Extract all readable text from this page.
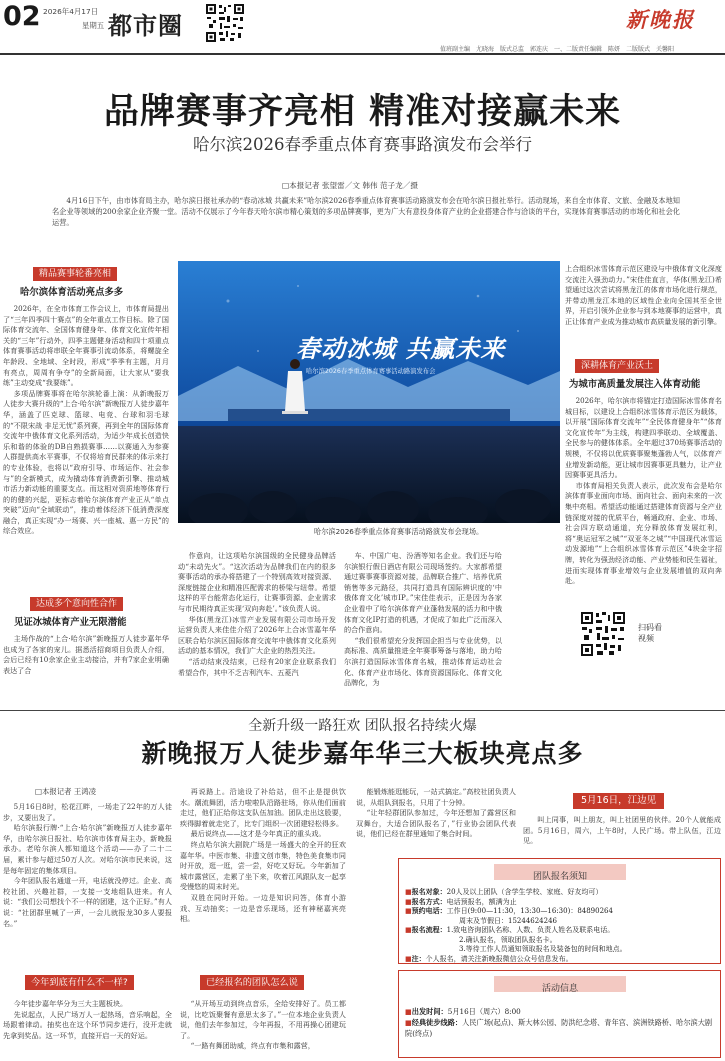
02 2026年4月17日
星期五 都市圈	新晚报
值班副主编　尤晓海　版式总监　郭连庆　一、二版责任编辑　陈妍　二版版式　关馨阳
品牌赛事齐亮相 精准对接赢未来
哈尔滨2026春季重点体育赛事路演发布会举行
□本报记者 张望雷／文 韩伟 范子龙／摄
4月16日下午，由市体育局主办，哈尔滨日报社承办的“春动冰城 共赢未来”哈尔滨2026春季重点体育赛事活动路演发布会在哈尔滨日报社举行。活动现场，来自全市体育、文旅、金融及本地知名企业等领域的200余家企业齐聚一堂。活动不仅展示了今年春天哈尔滨市精心策划的多项品牌赛事，更为广大有意投身体育产业的企业搭建合作与洽谈的平台，实现体育赛事活动的市场化和社会化运营。
精品赛事轮番亮相
哈尔滨体育活动亮点多多
2026年，在全市体育工作会议上，市体育局提出了“三年四季四十赛点”的全年重点工作目标。除了国际体育交流年、全国体育健身年、体育文化宣传年相关的“三年”行动外，四季主题健身活动和四十项重点体育赛事活动将串联全年赛事引流动体系，将螺旋全年龄段、全地域、全时段，形成“季季有主题，月月有亮点，周周有争夺”的全新局面，让大家从“要我练”主动变成“我要练”。
多项品牌赛事将在哈尔滨轮番上演：从新晚报万人徒步大赛升级的“上合·哈尔滨”新晚报万人徒步嘉年华，涵盖了匹克球、篮球、电竞、台球和羽毛球的“不限宋战 非足无忧”系列赛，再到全年的国际体育交流年中俄体育文化系列活动，为适少年成长创造快乐和谐的体验的DB自熟损赛事……以赛通入为参赛人群提供高水平赛事，不仅将培育民群来的体示来打的专业体验，也将以“政府引导、市场运作、社会参与”的全新模式，成为撬动体育消费新引擎、推动城市活力新动能的重要支点。而这相对资质地等体育行的的健的兴起，更标志着哈尔滨体育产业正从“单点突破”迈向“全域联动”，推动着体经济下低消费深度融合，真正实现“办一场赛、兴一座城、惠一方民”的综合效应。
达成多个意向性合作
见证冰城体育产业无限潜能
主场作战的“上合·哈尔滨”新晚报万人徒步嘉年华也成为了各家的宠儿。据悉活招商项目负责人介绍，会后已经有10余家企业主动接洽，并有7家企业明确表达了合
春动冰城 共赢未来
哈尔滨2026春季重点体育赛事活动路演发布会
哈尔滨2026春季重点体育赛事活动路演发布会现场。
作意向，让这项哈尔滨国级的全民健身品牌活动“未动先火”。“这次活动为品牌我们在内的很多赛事活动的承办将搭建了一个特别高效对接资源、深度链接企业和精准匹配需求的桥梁与纽带。希望这样的平台能常态化运行，让赛事资源、企业需求与市民期待真正实现‘双向奔赴’。”该负责人说。
华体(黑龙江)冰雪产业发展有限公司市场开发运营负责人来佳佳介绍了2026年上合冰雪嘉年华区联合哈尔滨区国际体育交流年中俄体育文化系列活动的基本情况，我们广大企业的热烈关注。
“活动结束没结束，已经有20家企业联系我们希望合作，其中不乏吉利汽车、五菱汽
车、中国广电、汾酒等知名企业。我们还与哈尔滨银行假日酒店有限公司现场签约。大家都希望通过赛事赛事资源对接，品牌联合推广、培养优质销售等多元路径，共同打造具有国际辨识度的‘中俄体育文化’城市IP。”宋佳佳表示，正是因为各家企业看中了哈尔滨体育产业蓬勃发展的活力和中俄体育文化IP打造的机遇，才促成了如此广泛而深入的合作意向。
“我们很希望充分发挥国企担当与专业优势，以高标准、高质量推进全年赛事筹备与落地，助力哈尔滨打造国际冰雪体育名城，推动体育运动社会化、体育产业市场化、体育资源国际化、体育文化品牌化，为
上合组织冰雪体育示范区建设与中俄体育文化深度交流注入强劲动力。”宋佳佳直言，华体(黑龙江)希望通过这次尝试将黑龙江的体育市场化进行规范，并带动黑龙江本地的区域性企业向全国其至全世界，开启引领外企业参与到本地赛事的运营中，真正让体育产业成为推动城市高质量发展的新引擎。
深耕体育产业沃土
为城市高质量发展注入体育动能
2026年，哈尔滨市将锚定打造国际冰雪体育名城目标，以建设上合组织冰雪体育示范区为载体，以开展“国际体育交流年”“全民体育健身年”“体育文化宣传年”为主线，构建四季联动、全域覆盖、全民参与的健体体系。全年超过370场赛事活动的规模，不仅将以优质赛事聚集蓬勃人气，以体育产业增发新动能，更让城市因赛事更具魅力，让产业因赛事更具活力。
市体育局相关负责人表示，此次发布会是哈尔滨体育事业面向市场、面向社会、面向未来的一次集中亮相。希望活动能通过搭建体育资源与全产业链深度对接的优质平台，畅通政府、企业、市场、社会四方联动通道，充分释放体育发展红利，将“奥运冠军之城”“双亚冬之城”“中国现代冰雪运动发源地”“上合组织冰雪体育示范区”4块金字招牌，转化为强劲经济动能、产业势能和民生福祉，进而实现体育事业增效与企业发展增值的双向奔赴。
扫码看视频
全新升级一路狂欢 团队报名持续火爆
新晚报万人徒步嘉年华三大板块亮点多
□本报记者 王鸿凌
5月16日8时，松花江畔，一场走了22年的万人徒步，又要出发了。
哈尔滨报行牌·“上合·哈尔滨”新晚报万人徒步嘉年华，由哈尔滨日报社、哈尔滨市体育局主办，新晚报承办。老哈尔滨人都知道这个活动——办了二十二届，累计参与超过50万人次。对哈尔滨市民来说，这是每年固定的集体项目。
今年团队报名通道一开，电话就没停过。企业、高校社团、兴趣社群，一支接一支地组队进来。有人说：“我们公司想找个不一样的团建，这个正好。”有人说：“社团群里喊了一声，一会儿就报龙30多人要报名。”
今年到底有什么不一样?
今年徒步嘉年华分为三大主题板块。
先说起点，人民广场万人一起热场，音乐响起，全场跟着律动。抽奖也在这个环节同步进行，没开走就先拿到奖品。这一环节，直接开启一天的好运。
再说路上。沿途设了补给站，但不止是提供饮水。潮流舞团，活力啦啦队沿路驻场，你从他们面前走过，他们正给你这支队伍加油。团队走出这股要，疾得脚着就走完了，比专门组织一次团建轻松得多。
最后说终点——这才是今年真正的重头戏。
终点哈尔滨大剧院广场是一场盛大的全开的狂欢嘉年华。中医市集、非遗文创市集，特色美食集市同时开放，逛一逛，尝一尝，好吃又好玩。今年新加了城市露营区，走累了坐下来，吹着江风跟队友一起享受慢悠的周末时光。
双胜在同时开始。一边是知识问答，体育小游戏、互动抽奖；一边是音乐现场，还有神秘嘉宾亮相。
已经报名的团队怎么说
“从开场互动到终点音乐，全给安排好了。员工都说，比吃饭聚餐有意思太多了。”一位本地企业负责人说，他们去年参加过，今年再报，不用再操心团建玩了。
“一路有舞团助威，终点有市集和露营，
能锻炼能逛能玩，一站式搞定。”高校社团负责人说，从组队到报名，只用了十分钟。
“让年轻群团队参加过，今年还想加了露营区和双舞台，大适合团队报名了，”行业协会团队代表说，他们已经在群里通知了集合时间。
5月16日，江边见
叫上同事，叫上朋友，叫上社团里的伙伴。20个人就能成团。5月16日，周六，上午8时，人民广场。带上队伍，江边见。
团队报名须知
■报名对象：20人及以上团队（含学生学校、家庭、好友均可）
■报名方式：电话预报名，额满为止
■预约电话：工作日(9:00—11:30，13:30—16:30)：84890264
周末及节假日：15244624246
■报名流程：1.致电咨询团队名称、人数、负责人姓名及联系电话。
2.确认报名，领取团队报名卡。
3.等待工作人员通知领取报名及装备包的时间和地点。
■注：个人报名，请关注新晚报微信公众号信息发布。
活动信息
■出发时间：5月16日（周六）8:00
■经典徒步线路：人民广场(起点)、斯大林公园、防洪纪念塔、青年宫、滨洲铁路桥、哈尔滨大剧院(终点)
